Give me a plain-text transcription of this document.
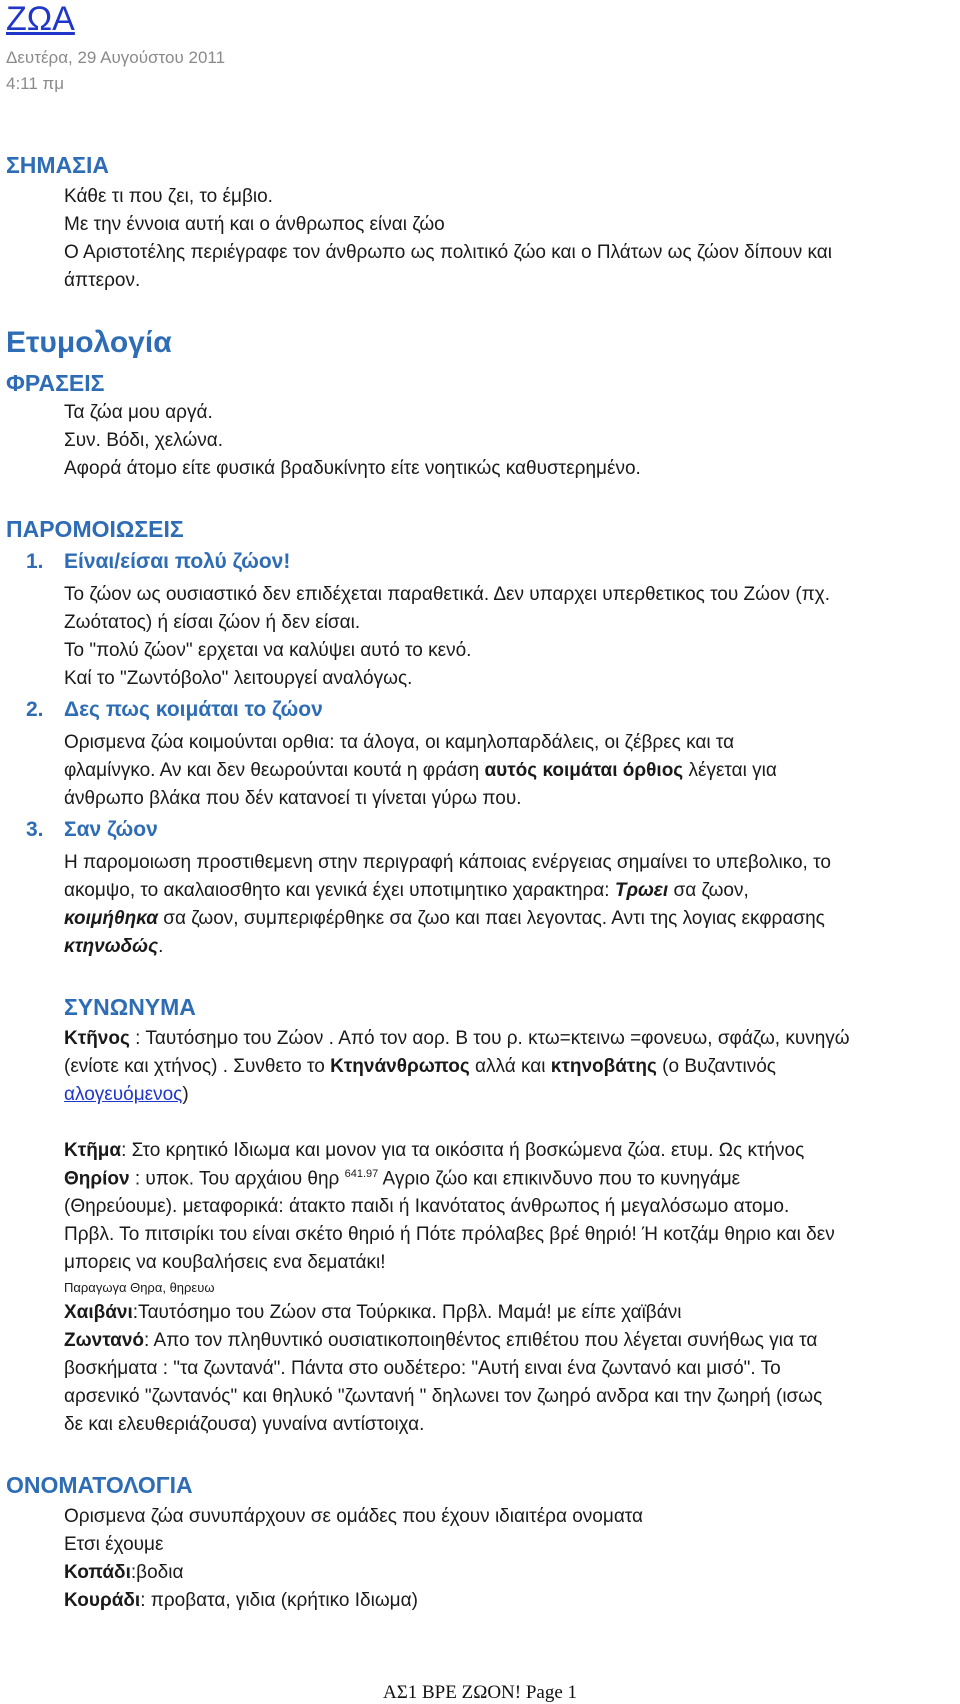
ΖΩΑ
Δευτέρα, 29 Αυγούστου 2011
4:11 πμ
ΣΗΜΑΣΙΑ
Κάθε τι που ζει, το έμβιο.
Με την έννοια αυτή και ο άνθρωπος είναι ζώο
Ο Αριστοτέλης περιέγραφε τον άνθρωπο ως πολιτικό ζώο και ο Πλάτων ως ζώον δίπουν και
άπτερον.
Ετυμολογία
ΦΡΑΣΕΙΣ
Τα ζώα μου αργά.
Συν. Βόδι, χελώνα.
Αφορά άτομο είτε φυσικά βραδυκίνητο είτε νοητικώς καθυστερημένο.
ΠΑΡΟΜΟΙΩΣΕΙΣ
1. Είναι/είσαι πολύ ζώον!
Το ζώον ως ουσιαστικό δεν επιδέχεται παραθετικά. Δεν υπαρχει υπερθετικος του Ζώον (πχ.
Ζωότατος) ή είσαι ζώον ή δεν είσαι.
Το "πολύ ζώον" ερχεται να καλύψει αυτό το κενό.
Καί το "Ζωντόβολο" λειτουργεί αναλόγως.
2. Δες πως κοιμάται το ζώον
Ορισμενα ζώα κοιμούνται ορθια: τα άλογα, οι καμηλοπαρδάλεις, οι ζέβρες και τα
φλαμίνγκο. Αν και δεν θεωρούνται κουτά η φράση αυτός κοιμάται όρθιος λέγεται για
άνθρωπο βλάκα που δέν κατανοεί τι γίνεται γύρω που.
3. Σαν ζώον
Η παρομοιωση προστιθεμενη στην περιγραφή κάποιας ενέργειας σημαίνει το υπεβολικο, το
ακομψο, το ακαλαιοσθητο και γενικά έχει υποτιμητικο χαρακτηρα: Τρωει σα ζωον,
κοιμήθηκα σα ζωον, συμπεριφέρθηκε σα ζωο και παει λεγοντας. Αντι της λογιας εκφρασης
κτηνωδώς.
ΣΥΝΩΝΥΜΑ
Κτῆνος : Ταυτόσημο του Ζώον . Από τον αορ. Β του ρ. κτω=κτεινω =φονευω, σφάζω, κυνηγώ
(ενίοτε και χτήνος) . Συνθετο το Κτηνάνθρωπος αλλά και κτηνοβάτης (ο Βυζαντινός
αλογευόμενος)
Κτῆμα: Στο κρητικό Ιδιωμα και μονον για τα οικόσιτα ή βοσκώμενα ζώα. ετυμ. Ως κτήνος
Θηρίον : υποκ. Του αρχάιου θηρ $^{641.97}$ Αγριο ζώο και επικινδυνο που το κυνηγάμε
(Θηρεύουμε). μεταφορικά: άτακτο παιδι ή Ικανότατος άνθρωπος ή μεγαλόσωμο ατομο.
Πρβλ. Το πιτσιρίκι του είναι σκέτο θηριό ή Πότε πρόλαβες βρέ θηριό! Ή κοτζάμ θηριο και δεν
μπορεις να κουβαλήσεις ενα δεματάκι!
Παραγωγα Θηρα, θηρευω
Χαιβάνι:Ταυτόσημο του Ζώον στα Τούρκικα. Πρβλ. Μαμά! με είπε χαϊβάνι
Ζωντανό: Απο τον πληθυντικό ουσιατικοποιηθέντος επιθέτου που λέγεται συνήθως για τα
βοσκήματα : "τα ζωντανά". Πάντα στο ουδέτερο: "Αυτή ειναι ένα ζωντανό και μισό". Το
αρσενικό "ζωντανός" και θηλυκό "ζωντανή " δηλωνει τον ζωηρό ανδρα και την ζωηρή (ισως
δε και ελευθεριάζουσα) γυναίνα αντίστοιχα.
ΟΝΟΜΑΤΟΛΟΓΙΑ
Ορισμενα ζώα συνυπάρχουν σε ομάδες που έχουν ιδιαιτέρα ονοματα
Ετσι έχουμε
Κοπάδι:βοδια
Κουράδι: προβατα, γιδια (κρήτικο Ιδιωμα)
ΑΣ1 ΒΡΕ ΖΩΟΝ! Page 1
